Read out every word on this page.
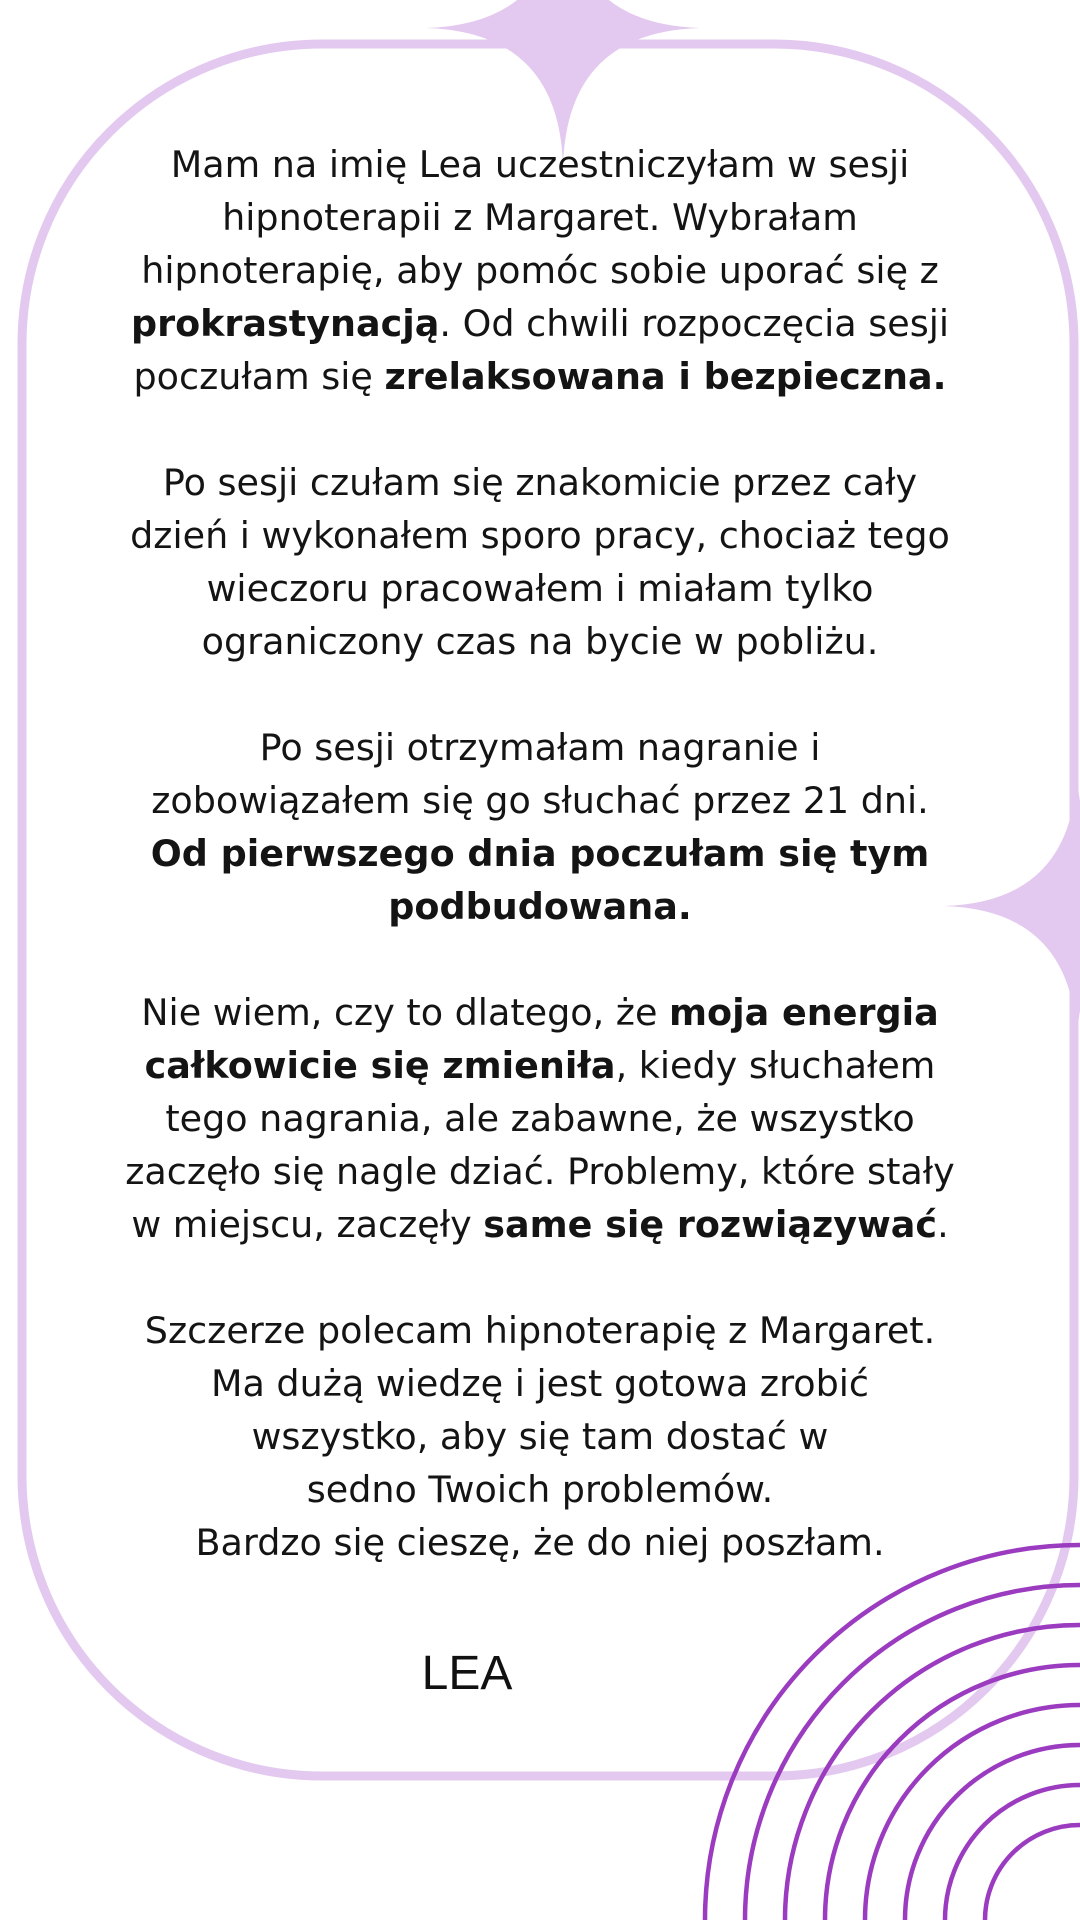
Mam na imię Lea uczestniczyłam w sesji
hipnoterapii z Margaret. Wybrałam
hipnoterapię, aby pomóc sobie uporać się z
prokrastynacją. Od chwili rozpoczęcia sesji
poczułam się zrelaksowana i bezpieczna.

Po sesji czułam się znakomicie przez cały
dzień i wykonałem sporo pracy, chociaż tego
wieczoru pracowałem i miałam tylko
ograniczony czas na bycie w pobliżu.

Po sesji otrzymałam nagranie i
zobowiązałem się go słuchać przez 21 dni.
Od pierwszego dnia poczułam się tym
podbudowana.

Nie wiem, czy to dlatego, że moja energia
całkowicie się zmieniła, kiedy słuchałem
tego nagrania, ale zabawne, że wszystko
zaczęło się nagle dziać. Problemy, które stały
w miejscu, zaczęły same się rozwiązywać.

Szczerze polecam hipnoterapię z Margaret.
Ma dużą wiedzę i jest gotowa zrobić
wszystko, aby się tam dostać w
sedno Twoich problemów.
Bardzo się cieszę, że do niej poszłam.

LEA
